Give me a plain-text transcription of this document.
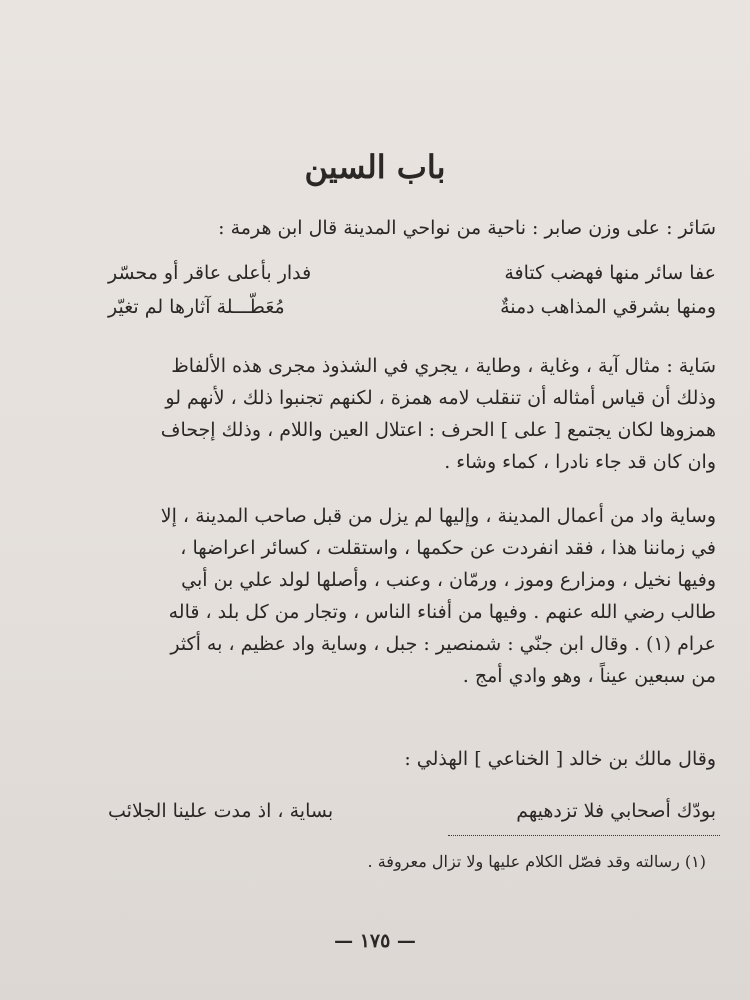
باب السين
سَائر : على وزن صابر : ناحية من نواحي المدينة قال ابن هرمة :
عفا سائر منها فهضب كتافة
فدار بأعلى عاقر أو محسّر
ومنها بشرقي المذاهب دمنةٌ
مُعَطّـــلة آثارها لم تغيّر
سَاية : مثال آية ، وغاية ، وطاية ، يجري في الشذوذ مجرى هذه الألفاظ
وذلك أن قياس أمثاله أن تنقلب لامه همزة ، لكنهم تجنبوا ذلك ، لأنهم لو
همزوها لكان يجتمع [ على ] الحرف : اعتلال العين واللام ، وذلك إجحاف
وان كان قد جاء نادرا ، كماء وشاء .
وساية واد من أعمال المدينة ، وإليها لم يزل من قبل صاحب المدينة ، إلا
في زماننا هذا ، فقد انفردت عن حكمها ، واستقلت ، كسائر اعراضها ،
وفيها نخيل ، ومزارع وموز ، ورمّان ، وعنب ، وأصلها لولد علي بن أبي
طالب رضي الله عنهم . وفيها من أفناء الناس ، وتجار من كل بلد ، قاله
عرام (١) . وقال ابن جنّي : شمنصير : جبل ، وساية واد عظيم ، به أكثر
من سبعين عيناً ، وهو وادي أمج .
وقال مالك بن خالد [ الخناعي ] الهذلي :
بودّك أصحابي فلا تزدهيهم
بساية ، اذ مدت علينا الجلائب
(١) رسالته وقد فصّل الكلام عليها ولا تزال معروفة .
— ١٧٥ —
